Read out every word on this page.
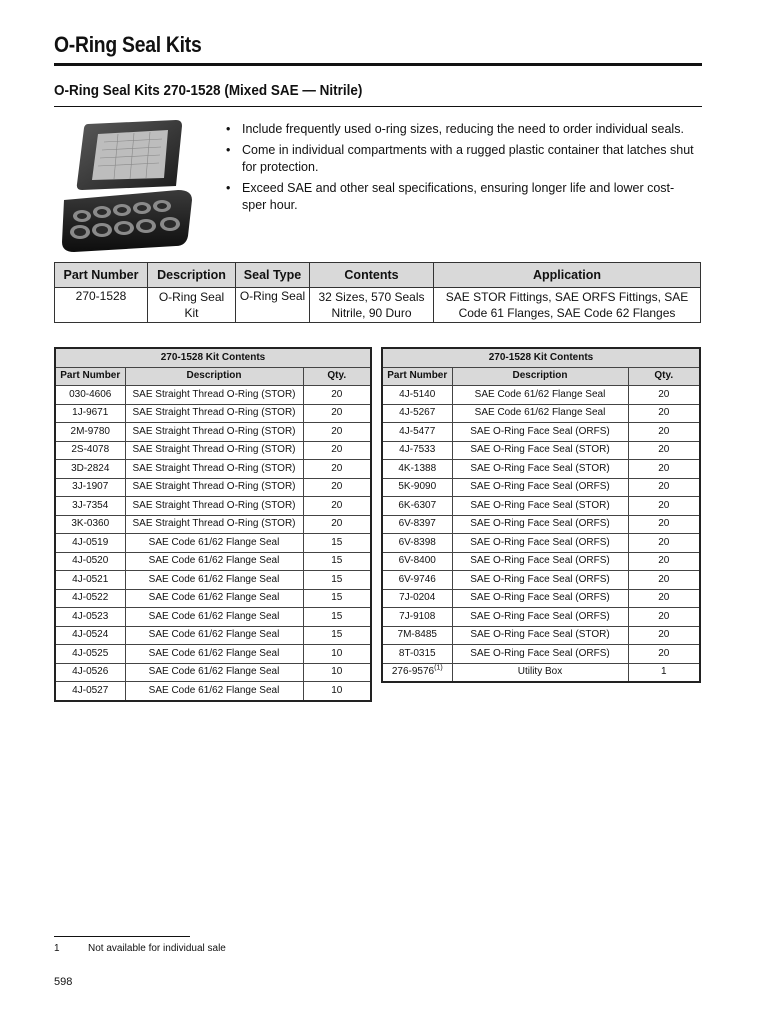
O-Ring Seal Kits
O-Ring Seal Kits 270-1528 (Mixed SAE — Nitrile)
• Include frequently used o-ring sizes, reducing the need to order individual seals.
• Come in individual compartments with a rugged plastic container that latches shut for protection.
• Exceed SAE and other seal specifications, ensuring longer life and lower cost-sper hour.
Part Number	Description	Seal Type	Contents	Application
270-1528	O-Ring Seal Kit	O-Ring Seal	32 Sizes, 570 Seals Nitrile, 90 Duro	SAE STOR Fittings, SAE ORFS Fittings, SAE Code 61 Flanges, SAE Code 62 Flanges
270-1528 Kit Contents		
Part Number	Description	Qty.
030-4606	SAE Straight Thread O-Ring (STOR)	20
1J-9671	SAE Straight Thread O-Ring (STOR)	20
2M-9780	SAE Straight Thread O-Ring (STOR)	20
2S-4078	SAE Straight Thread O-Ring (STOR)	20
3D-2824	SAE Straight Thread O-Ring (STOR)	20
3J-1907	SAE Straight Thread O-Ring (STOR)	20
3J-7354	SAE Straight Thread O-Ring (STOR)	20
3K-0360	SAE Straight Thread O-Ring (STOR)	20
4J-0519	SAE Code 61/62 Flange Seal	15
4J-0520	SAE Code 61/62 Flange Seal	15
4J-0521	SAE Code 61/62 Flange Seal	15
4J-0522	SAE Code 61/62 Flange Seal	15
4J-0523	SAE Code 61/62 Flange Seal	15
4J-0524	SAE Code 61/62 Flange Seal	15
4J-0525	SAE Code 61/62 Flange Seal	10
4J-0526	SAE Code 61/62 Flange Seal	10
4J-0527	SAE Code 61/62 Flange Seal	10
270-1528 Kit Contents		
Part Number	Description	Qty.
4J-5140	SAE Code 61/62 Flange Seal	20
4J-5267	SAE Code 61/62 Flange Seal	20
4J-5477	SAE O-Ring Face Seal (ORFS)	20
4J-7533	SAE O-Ring Face Seal (STOR)	20
4K-1388	SAE O-Ring Face Seal (STOR)	20
5K-9090	SAE O-Ring Face Seal (ORFS)	20
6K-6307	SAE O-Ring Face Seal (STOR)	20
6V-8397	SAE O-Ring Face Seal (ORFS)	20
6V-8398	SAE O-Ring Face Seal (ORFS)	20
6V-8400	SAE O-Ring Face Seal (ORFS)	20
6V-9746	SAE O-Ring Face Seal (ORFS)	20
7J-0204	SAE O-Ring Face Seal (ORFS)	20
7J-9108	SAE O-Ring Face Seal (ORFS)	20
7M-8485	SAE O-Ring Face Seal (STOR)	20
8T-0315	SAE O-Ring Face Seal (ORFS)	20
276-9576$^{(1)}$	Utility Box	1
1	Not available for individual sale
598
